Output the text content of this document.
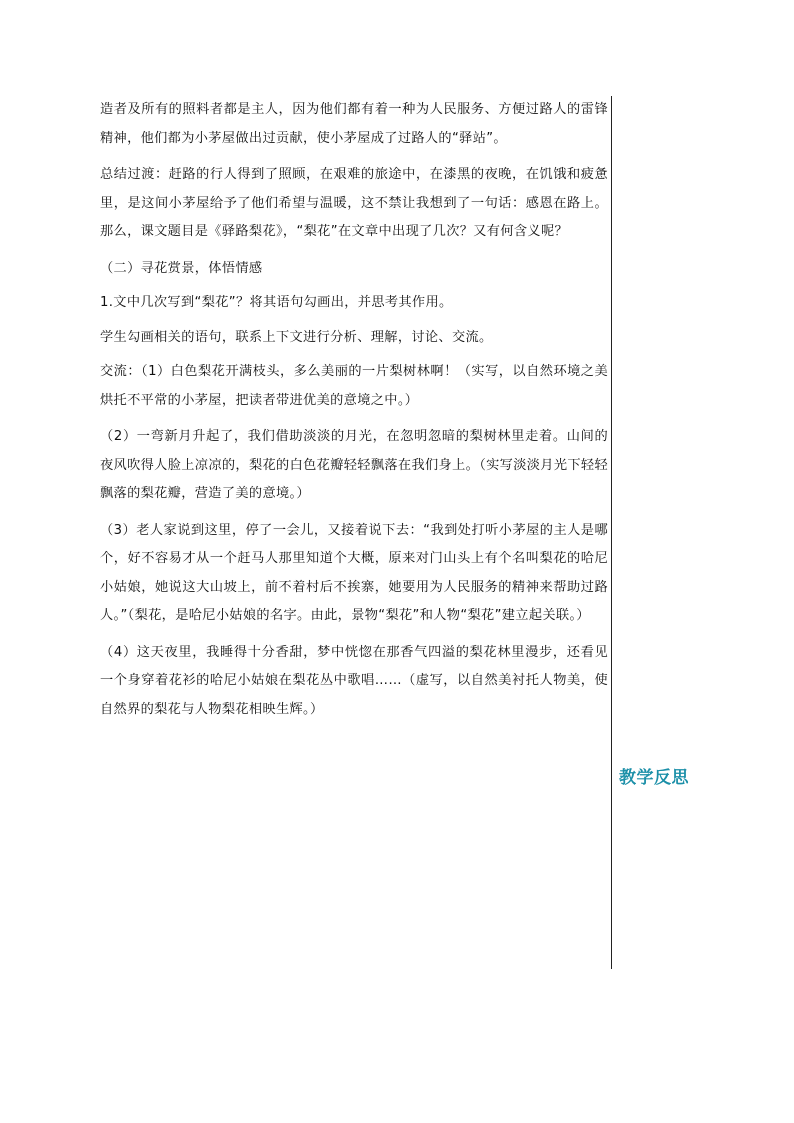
造者及所有的照料者都是主人，因为他们都有着一种为人民服务、方便过路人的雷锋精神，他们都为小茅屋做出过贡献，使小茅屋成了过路人的“驿站”。

总结过渡：赶路的行人得到了照顾，在艰难的旅途中，在漆黑的夜晚，在饥饿和疲惫里，是这间小茅屋给予了他们希望与温暖，这不禁让我想到了一句话：感恩在路上。那么，课文题目是《驿路梨花》，“梨花”在文章中出现了几次？又有何含义呢？

（二）寻花赏景，体悟情感

1.文中几次写到“梨花”？将其语句勾画出，并思考其作用。

学生勾画相关的语句，联系上下文进行分析、理解，讨论、交流。

交流：（1）白色梨花开满枝头，多么美丽的一片梨树林啊！（实写，以自然环境之美烘托不平常的小茅屋，把读者带进优美的意境之中。）

（2）一弯新月升起了，我们借助淡淡的月光，在忽明忽暗的梨树林里走着。山间的夜风吹得人脸上凉凉的，梨花的白色花瓣轻轻飘落在我们身上。（实写淡淡月光下轻轻飘落的梨花瓣，营造了美的意境。）

（3）老人家说到这里，停了一会儿，又接着说下去：“我到处打听小茅屋的主人是哪个，好不容易才从一个赶马人那里知道个大概，原来对门山头上有个名叫梨花的哈尼小姑娘，她说这大山坡上，前不着村后不挨寨，她要用为人民服务的精神来帮助过路人。”（梨花，是哈尼小姑娘的名字。由此，景物“梨花”和人物“梨花”建立起关联。）

（4）这天夜里，我睡得十分香甜，梦中恍惚在那香气四溢的梨花林里漫步，还看见一个身穿着花衫的哈尼小姑娘在梨花丛中歌唱……（虚写，以自然美衬托人物美，使自然界的梨花与人物梨花相映生辉。）

教学反思
